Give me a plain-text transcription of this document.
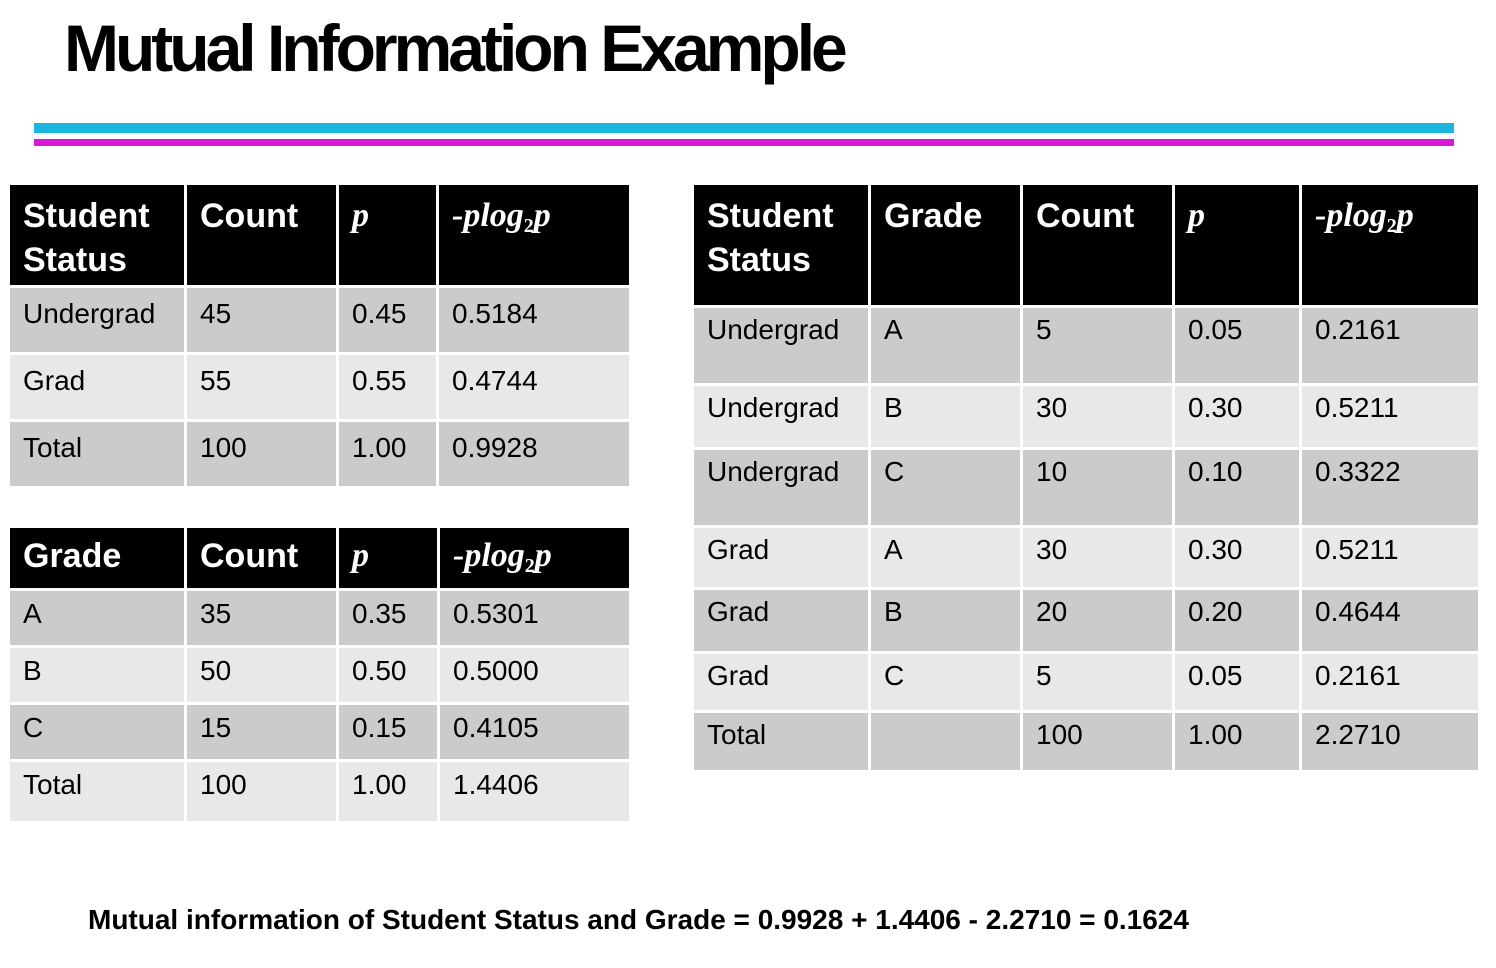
Mutual Information Example
Student
Status	Count	p	-plog$_2$p
Undergrad	45	0.45	0.5184
Grad	55	0.55	0.4744
Total	100	1.00	0.9928
Grade	Count	p	-plog$_2$p
A	35	0.35	0.5301
B	50	0.50	0.5000
C	15	0.15	0.4105
Total	100	1.00	1.4406
Student
Status	Grade	Count	p	-plog$_2$p
Undergrad	A	5	0.05	0.2161
Undergrad	B	30	0.30	0.5211
Undergrad	C	10	0.10	0.3322
Grad	A	30	0.30	0.5211
Grad	B	20	0.20	0.4644
Grad	C	5	0.05	0.2161
Total		100	1.00	2.2710
Mutual information of Student Status and Grade = 0.9928 + 1.4406 - 2.2710 = 0.1624
